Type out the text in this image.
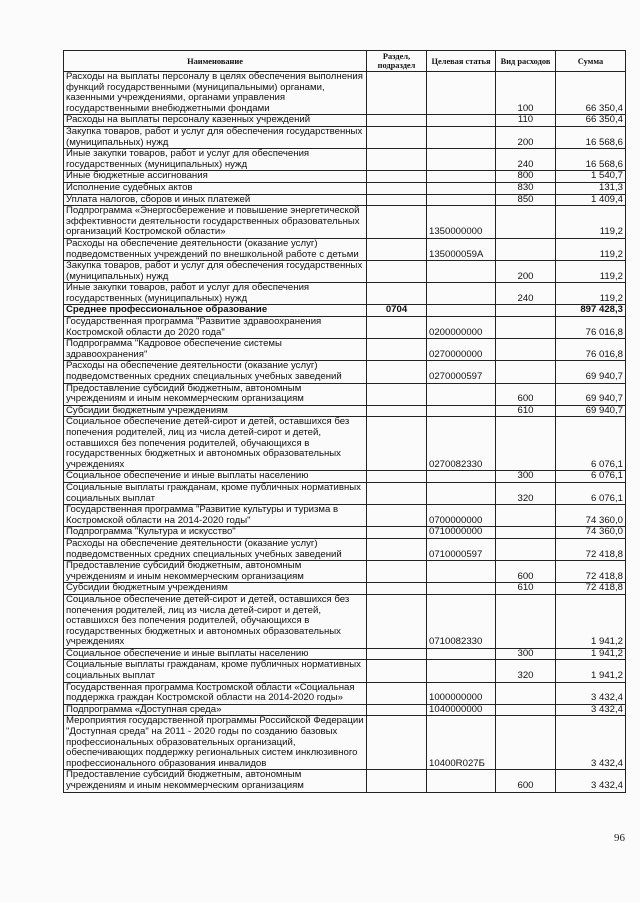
Наименование	Раздел, подраздел	Целевая статья	Вид расходов	Сумма
Расходы на выплаты персоналу в целях обеспечения выполнения функций государственными (муниципальными) органами, казенными учреждениями, органами управления государственными внебюджетными фондами			100	66 350,4
Расходы на выплаты персоналу казенных учреждений			110	66 350,4
Закупка товаров, работ и услуг для обеспечения государственных (муниципальных) нужд			200	16 568,6
Иные закупки товаров, работ и услуг для обеспечения государственных (муниципальных) нужд			240	16 568,6
Иные бюджетные ассигнования			800	1 540,7
Исполнение судебных актов			830	131,3
Уплата налогов, сборов и иных платежей			850	1 409,4
Подпрограмма «Энергосбережение и повышение энергетической эффективности деятельности государственных образовательных организаций Костромской области»		1350000000		119,2
Расходы на обеспечение деятельности (оказание услуг) подведомственных учреждений по внешкольной работе с детьми		135000059А		119,2
Закупка товаров, работ и услуг для обеспечения государственных (муниципальных) нужд			200	119,2
Иные закупки товаров, работ и услуг для обеспечения государственных (муниципальных) нужд			240	119,2
Среднее профессиональное образование	0704			897 428,3
Государственная программа "Развитие здравоохранения Костромской области до 2020 года"		0200000000		76 016,8
Подпрограмма "Кадровое обеспечение системы здравоохранения"		0270000000		76 016,8
Расходы на обеспечение деятельности (оказание услуг) подведомственных средних специальных учебных заведений		0270000597		69 940,7
Предоставление субсидий бюджетным, автономным учреждениям и иным некоммерческим организациям			600	69 940,7
Субсидии бюджетным учреждениям			610	69 940,7
Социальное обеспечение детей-сирот и детей, оставшихся без попечения родителей, лиц из числа детей-сирот и детей, оставшихся без попечения родителей, обучающихся в государственных бюджетных и автономных образовательных учреждениях		0270082330		6 076,1
Социальное обеспечение и иные выплаты населению			300	6 076,1
Социальные выплаты гражданам, кроме публичных нормативных социальных выплат			320	6 076,1
Государственная программа "Развитие культуры и туризма в Костромской области на 2014-2020 годы"		0700000000		74 360,0
Подпрограмма "Культура и искусство"		0710000000		74 360,0
Расходы на обеспечение деятельности (оказание услуг) подведомственных средних специальных учебных заведений		0710000597		72 418,8
Предоставление субсидий бюджетным, автономным учреждениям и иным некоммерческим организациям			600	72 418,8
Субсидии бюджетным учреждениям			610	72 418,8
Социальное обеспечение детей-сирот и детей, оставшихся без попечения родителей, лиц из числа детей-сирот и детей, оставшихся без попечения родителей, обучающихся в государственных бюджетных и автономных образовательных учреждениях		0710082330		1 941,2
Социальное обеспечение и иные выплаты населению			300	1 941,2
Социальные выплаты гражданам, кроме публичных нормативных социальных выплат			320	1 941,2
Государственная программа Костромской области «Социальная поддержка граждан Костромской области на 2014-2020 годы»		1000000000		3 432,4
Подпрограмма «Доступная среда»		1040000000		3 432,4
Мероприятия государственной программы Российской Федерации "Доступная среда" на 2011 - 2020 годы по созданию базовых профессиональных образовательных организаций, обеспечивающих поддержку региональных систем инклюзивного профессионального образования инвалидов		10400R027Б		3 432,4
Предоставление субсидий бюджетным, автономным учреждениям и иным некоммерческим организациям			600	3 432,4
96
